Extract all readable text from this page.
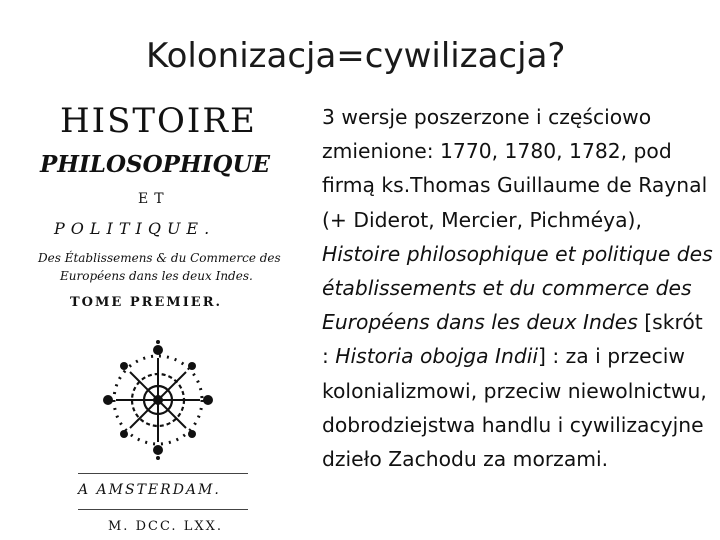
Kolonizacja=cywilizacja?
HISTOIRE
PHILOSOPHIQUE
ET
POLITIQUE.
Des Établissemens & du Commerce des
Européens dans les deux Indes.
TOME PREMIER.
A AMSTERDAM.
M. DCC. LXX.
3 wersje poszerzone i częściowo zmienione: 1770, 1780, 1782, pod firmą ks.Thomas Guillaume de Raynal (+ Diderot, Mercier, Pichméya), Histoire philosophique et politique des établissements et du commerce des Européens dans les deux Indes [skrót : Historia obojga Indii] : za i przeciw kolonializmowi, przeciw niewolnictwu, dobrodziejstwa handlu i cywilizacyjne dzieło Zachodu za morzami.
